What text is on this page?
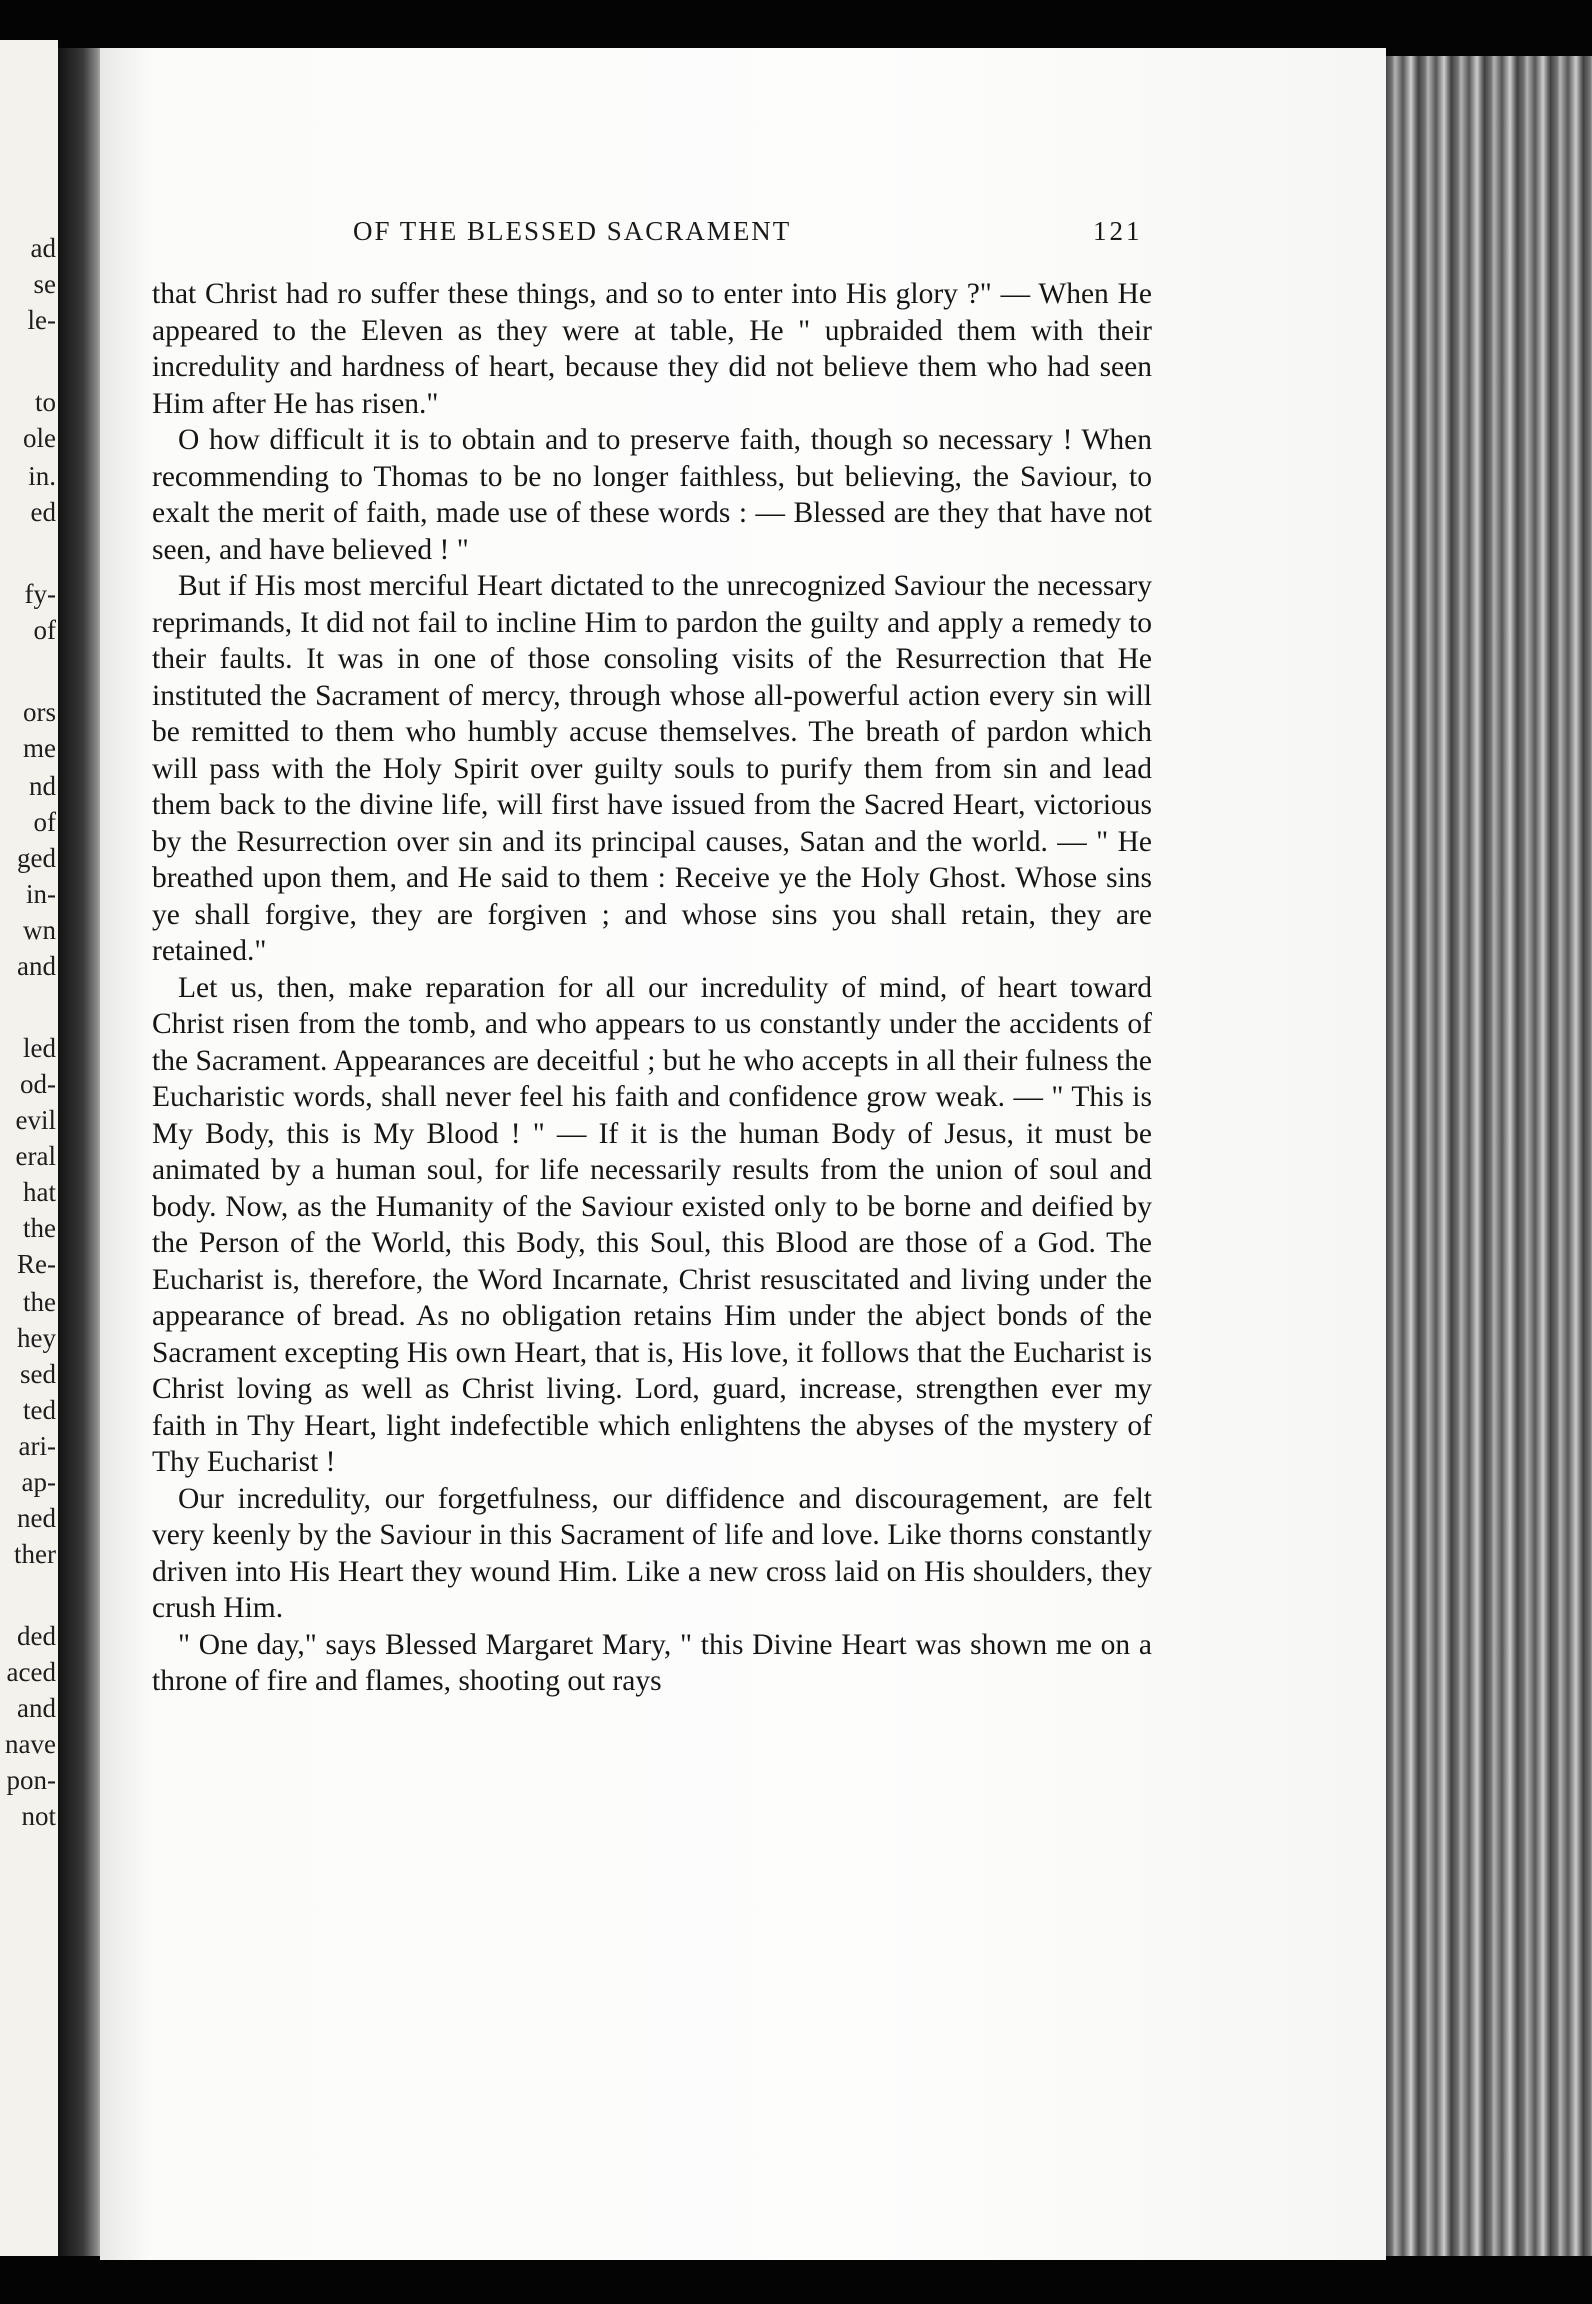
ad
se
le-
to
ole
in.
ed
fy-
of
ors
me
nd
of
ged
in-
wn
and
led
od-
evil
eral
hat
the
Re-
the
hey
sed
ted
ari-
ap-
ned
ther
ded
aced
and
nave
pon-
not
OF THE BLESSED SACRAMENT	121

that Christ had ro suffer these things, and so to enter into His glory ?" — When He appeared to the Eleven as they were at table, He " upbraided them with their incredulity and hardness of heart, because they did not believe them who had seen Him after He has risen."

O how difficult it is to obtain and to preserve faith, though so necessary ! When recommending to Thomas to be no longer faithless, but believing, the Saviour, to exalt the merit of faith, made use of these words : — Blessed are they that have not seen, and have believed ! "

But if His most merciful Heart dictated to the unrecognized Saviour the necessary reprimands, It did not fail to incline Him to pardon the guilty and apply a remedy to their faults. It was in one of those consoling visits of the Resurrection that He instituted the Sacrament of mercy, through whose all-powerful action every sin will be remitted to them who humbly accuse themselves. The breath of pardon which will pass with the Holy Spirit over guilty souls to purify them from sin and lead them back to the divine life, will first have issued from the Sacred Heart, victorious by the Resurrection over sin and its principal causes, Satan and the world. — " He breathed upon them, and He said to them : Receive ye the Holy Ghost. Whose sins ye shall forgive, they are forgiven ; and whose sins you shall retain, they are retained."

Let us, then, make reparation for all our incredulity of mind, of heart toward Christ risen from the tomb, and who appears to us constantly under the accidents of the Sacrament. Appearances are deceitful ; but he who accepts in all their fulness the Eucharistic words, shall never feel his faith and confidence grow weak. — " This is My Body, this is My Blood ! " — If it is the human Body of Jesus, it must be animated by a human soul, for life necessarily results from the union of soul and body. Now, as the Humanity of the Saviour existed only to be borne and deified by the Person of the World, this Body, this Soul, this Blood are those of a God. The Eucharist is, therefore, the Word Incarnate, Christ resuscitated and living under the appearance of bread. As no obligation retains Him under the abject bonds of the Sacrament excepting His own Heart, that is, His love, it follows that the Eucharist is Christ loving as well as Christ living. Lord, guard, increase, strengthen ever my faith in Thy Heart, light indefectible which enlightens the abyses of the mystery of Thy Eucharist !

Our incredulity, our forgetfulness, our diffidence and discouragement, are felt very keenly by the Saviour in this Sacrament of life and love. Like thorns constantly driven into His Heart they wound Him. Like a new cross laid on His shoulders, they crush Him.

" One day," says Blessed Margaret Mary, " this Divine Heart was shown me on a throne of fire and flames, shooting out rays
